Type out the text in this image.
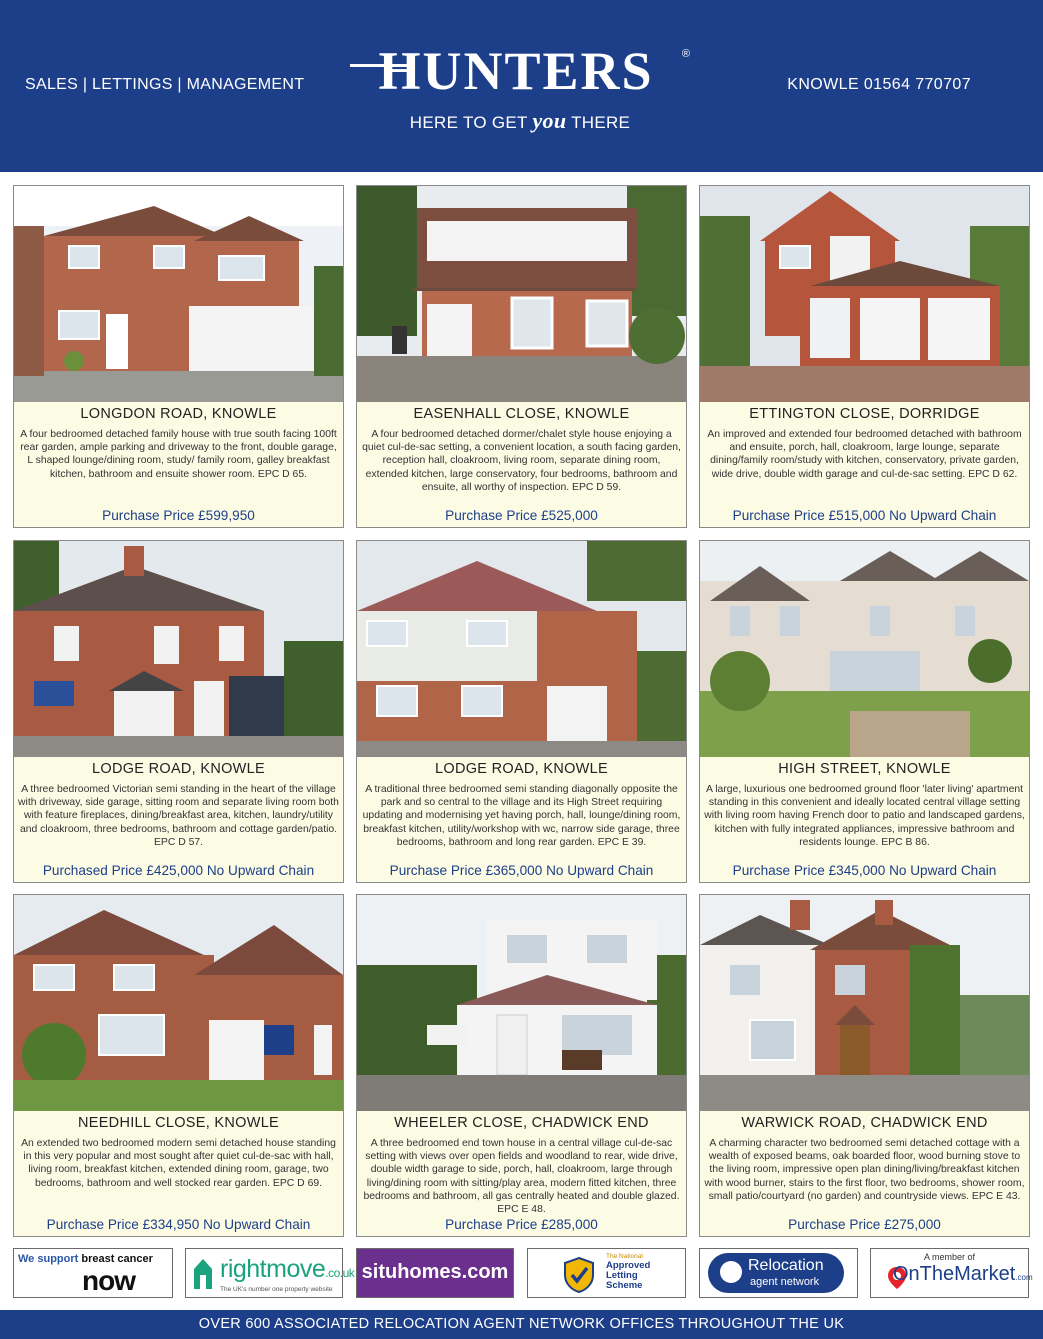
SALES | LETTINGS | MANAGEMENT	HUNTERS	®
HERE TO GET you THERE
KNOWLE 01564 770707
LONGDON ROAD, KNOWLE
A four bedroomed detached family house with true south facing 100ft rear garden, ample parking and driveway to the front, double garage, L shaped lounge/dining room, study/ family room, galley breakfast kitchen, bathroom and ensuite shower room. EPC D 65.
Purchase Price £599,950
EASENHALL CLOSE, KNOWLE
A four bedroomed detached dormer/chalet style house enjoying a quiet cul-de-sac setting, a convenient location, a south facing garden, reception hall, cloakroom, living room, separate dining room, extended kitchen, large conservatory, four bedrooms, bathroom and ensuite, all worthy of inspection. EPC D 59.
Purchase Price £525,000
ETTINGTON CLOSE, DORRIDGE
An improved and extended four bedroomed detached with bathroom and ensuite, porch, hall, cloakroom, large lounge, separate dining/family room/study with kitchen, conservatory, private garden, wide drive, double width garage and cul-de-sac setting. EPC D 62.
Purchase Price £515,000 No Upward Chain
LODGE ROAD, KNOWLE
A three bedroomed Victorian semi standing in the heart of the village with driveway, side garage, sitting room and separate living room both with feature fireplaces, dining/breakfast area, kitchen, laundry/utility and cloakroom, three bedrooms, bathroom and cottage garden/patio. EPC D 57.
Purchased Price £425,000 No Upward Chain
LODGE ROAD, KNOWLE
A traditional three bedroomed semi standing diagonally opposite the park and so central to the village and its High Street requiring updating and modernising yet having porch, hall, lounge/dining room, breakfast kitchen, utility/workshop with wc, narrow side garage, three bedrooms, bathroom and long rear garden. EPC E 39.
Purchase Price £365,000 No Upward Chain
HIGH STREET, KNOWLE
A large, luxurious one bedroomed ground floor 'later living' apartment standing in this convenient and ideally located central village setting with living room having French door to patio and landscaped gardens, kitchen with fully integrated appliances, impressive bathroom and residents lounge. EPC B 86.
Purchase Price £345,000 No Upward Chain
NEEDHILL CLOSE, KNOWLE
An extended two bedroomed modern semi detached house standing in this very popular and most sought after quiet cul-de-sac with hall, living room, breakfast kitchen, extended dining room, garage, two bedrooms, bathroom and well stocked rear garden. EPC D 69.
Purchase Price £334,950 No Upward Chain
WHEELER CLOSE, CHADWICK END
A three bedroomed end town house in a central village cul-de-sac setting with views over open fields and woodland to rear, wide drive, double width garage to side, porch, hall, cloakroom, large through living/dining room with sitting/play area, modern fitted kitchen, three bedrooms and bathroom, all gas centrally heated and double glazed. EPC E 48.
Purchase Price £285,000
WARWICK ROAD, CHADWICK END
A charming character two bedroomed semi detached cottage with a wealth of exposed beams, oak boarded floor, wood burning stove to the living room, impressive open plan dining/living/breakfast kitchen with wood burner, stairs to the first floor, two bedrooms, shower room, small patio/courtyard (no garden) and countryside views. EPC E 43.
Purchase Price £275,000
We support breast cancer
now	rightmove.co.uk
The UK's number one property website
situhomes.com
The National
Approved
Letting
Scheme
Relocation
agent network
A member of
OnTheMarket.com
OVER 600 ASSOCIATED RELOCATION AGENT NETWORK OFFICES THROUGHOUT THE UK
